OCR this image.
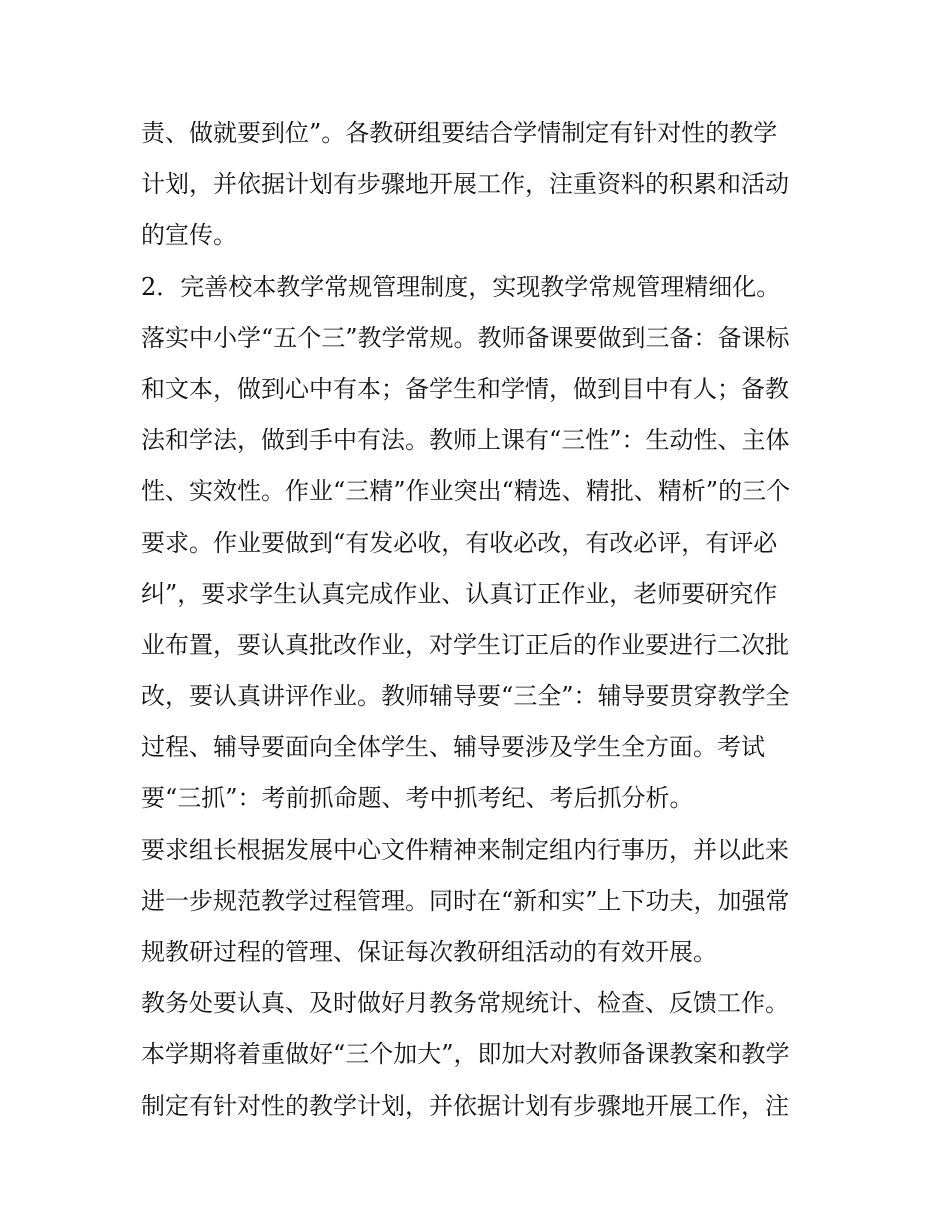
责、做就要到位”。各教研组要结合学情制定有针对性的教学
计划，并依据计划有步骤地开展工作，注重资料的积累和活动
的宣传。
2．完善校本教学常规管理制度，实现教学常规管理精细化。
落实中小学“五个三”教学常规。教师备课要做到三备：备课标
和文本，做到心中有本；备学生和学情，做到目中有人；备教
法和学法，做到手中有法。教师上课有“三性”：生动性、主体
性、实效性。作业“三精”作业突出“精选、精批、精析”的三个
要求。作业要做到“有发必收，有收必改，有改必评，有评必
纠”，要求学生认真完成作业、认真订正作业，老师要研究作
业布置，要认真批改作业，对学生订正后的作业要进行二次批
改，要认真讲评作业。教师辅导要“三全”：辅导要贯穿教学全
过程、辅导要面向全体学生、辅导要涉及学生全方面。考试
要“三抓”：考前抓命题、考中抓考纪、考后抓分析。
要求组长根据发展中心文件精神来制定组内行事历，并以此来
进一步规范教学过程管理。同时在“新和实”上下功夫，加强常
规教研过程的管理、保证每次教研组活动的有效开展。
教务处要认真、及时做好月教务常规统计、检查、反馈工作。
本学期将着重做好“三个加大”，即加大对教师备课教案和教学
制定有针对性的教学计划，并依据计划有步骤地开展工作，注
